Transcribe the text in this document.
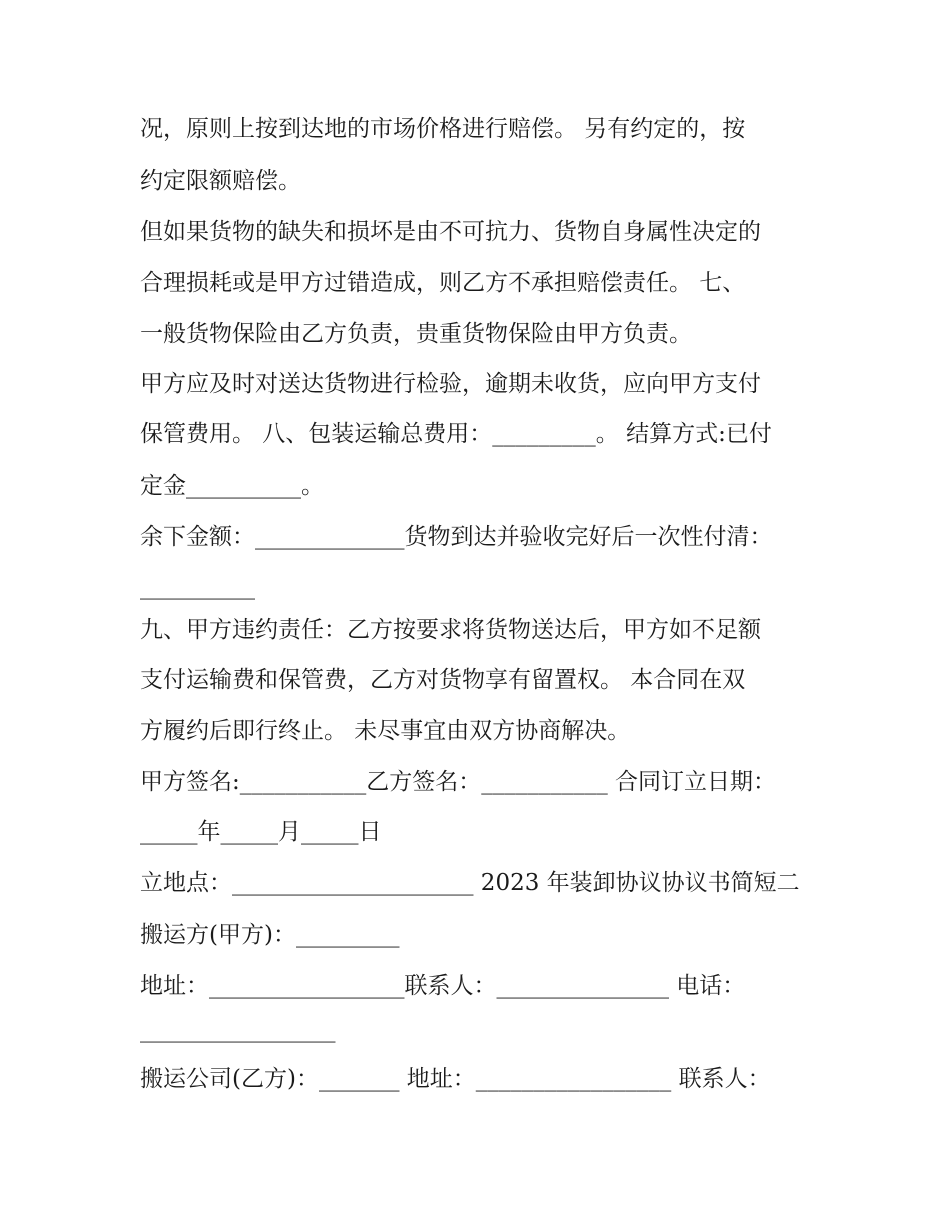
况，原则上按到达地的市场价格进行赔偿。 另有约定的，按
约定限额赔偿。
但如果货物的缺失和损坏是由不可抗力、货物自身属性决定的
合理损耗或是甲方过错造成，则乙方不承担赔偿责任。 七、
一般货物保险由乙方负责，贵重货物保险由甲方负责。
甲方应及时对送达货物进行检验，逾期未收货，应向甲方支付
保管费用。 八、包装运输总费用：_________。 结算方式:已付
定金__________。
余下金额：_____________货物到达并验收完好后一次性付清：
__________
九、甲方违约责任：乙方按要求将货物送达后，甲方如不足额
支付运输费和保管费，乙方对货物享有留置权。 本合同在双
方履约后即行终止。 未尽事宜由双方协商解决。
甲方签名:___________乙方签名：___________ 合同订立日期：
_____年_____月_____日
立地点：_____________________ 2023 年装卸协议协议书简短二
搬运方(甲方)：_________
地址：_________________联系人：_______________ 电话：
_________________
搬运公司(乙方)：_______ 地址：_________________ 联系人：
